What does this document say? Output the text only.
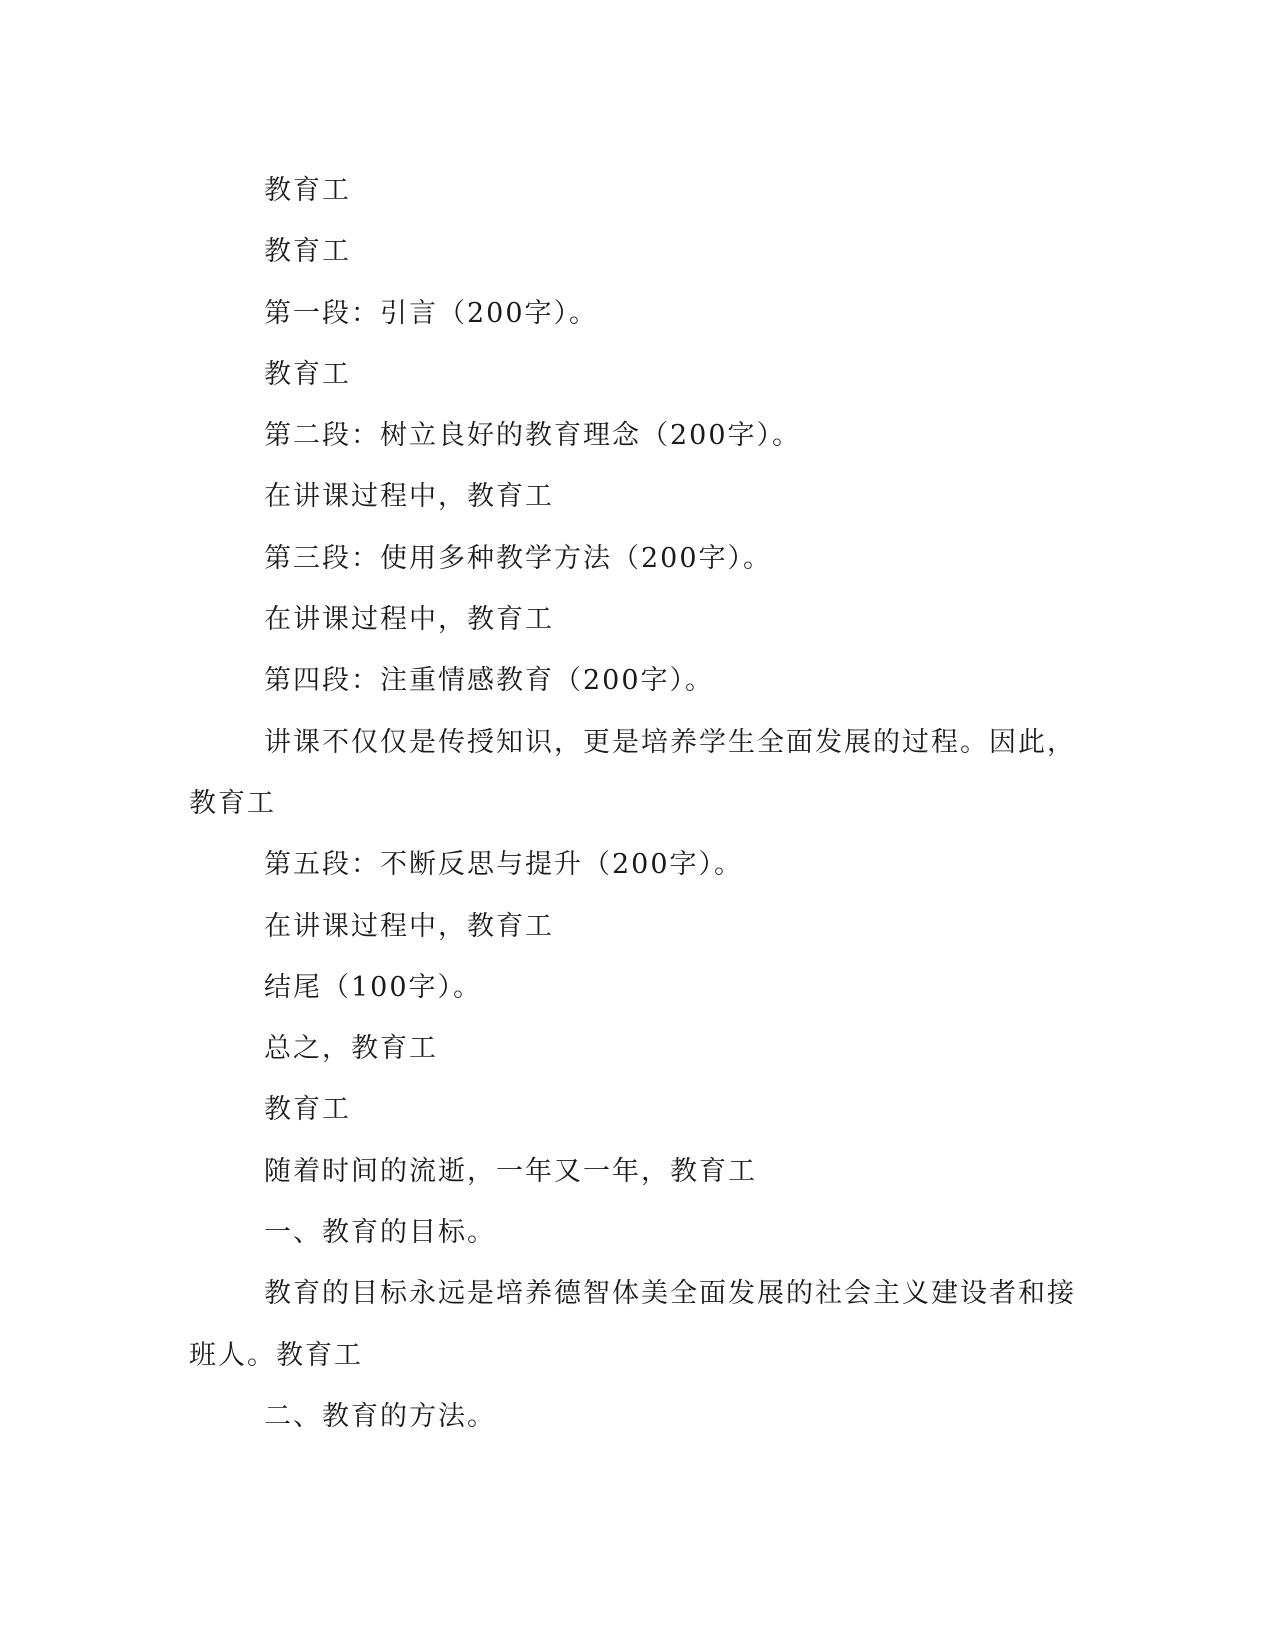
教育工

教育工

第一段：引言（200字）。

教育工

第二段：树立良好的教育理念（200字）。

在讲课过程中，教育工

第三段：使用多种教学方法（200字）。

在讲课过程中，教育工

第四段：注重情感教育（200字）。

讲课不仅仅是传授知识，更是培养学生全面发展的过程。因此，教育工

第五段：不断反思与提升（200字）。

在讲课过程中，教育工

结尾（100字）。

总之，教育工

教育工

随着时间的流逝，一年又一年，教育工

一、教育的目标。

教育的目标永远是培养德智体美全面发展的社会主义建设者和接班人。教育工

二、教育的方法。
